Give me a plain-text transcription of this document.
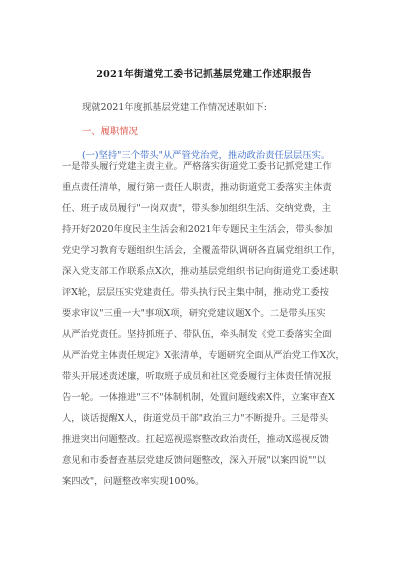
2021年街道党工委书记抓基层党建工作述职报告
现就2021年度抓基层党建工作情况述职如下:
一、履职情况
(一)坚持"三个带头"从严管党治党，推动政治责任层层压实。
一是带头履行党建主责主业。严格落实街道党工委书记抓党建工作
重点责任清单，履行第一责任人职责，推动街道党工委落实主体责
任、班子成员履行"一岗双责"，带头参加组织生活、交纳党费，主
持开好2020年度民主生活会和2021年专题民主生活会，带头参加
党史学习教育专题组织生活会，全覆盖带队调研各直属党组织工作，
深入党支部工作联系点X次，推动基层党组织书记向街道党工委述职
评X轮，层层压实党建责任。带头执行民主集中制，推动党工委按
要求审议"三重一大"事项X项，研究党建议题X个。二是带头压实
从严治党责任。坚持抓班子、带队伍，牵头制发《党工委落实全面
从严治党主体责任规定》X张清单，专题研究全面从严治党工作X次，
带头开展述责述廉，听取班子成员和社区党委履行主体责任情况报
告一轮。一体推进"三不"体制机制，处置问题线索X件，立案审查X
人，谈话提醒X人，街道党员干部"政治三力"不断提升。三是带头
推进突出问题整改。扛起巡视巡察整改政治责任，推动X巡视反馈
意见和市委督查基层党建反馈问题整改，深入开展"以案四说""以
案四改"，问题整改率实现100%。
